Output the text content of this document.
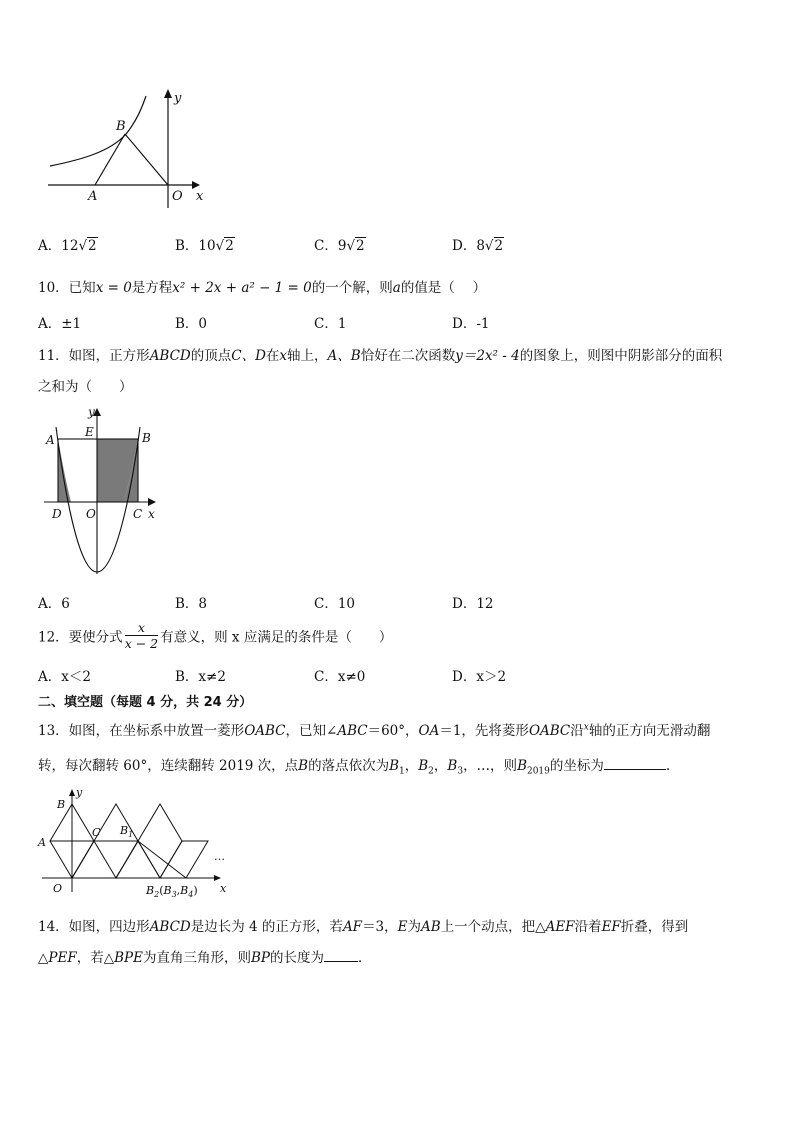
y
x
B
A	O
A．12√2	B．10√2	C．9√2	D．8√2
10．已知x = 0是方程x² + 2x + a² − 1 = 0的一个解，则a的值是（　 ）
A．±1	B．0	C．1	D．-1
11．如图，正方形ABCD的顶点C、D在x轴上，A、B恰好在二次函数y＝2x² - 4的图象上，则图中阴影部分的面积
之和为（　　）
y
A
E	B
D O	C x
A．6	B．8	C．10	D．12
12．要使分式 $\frac{x}{x - 2}$ 有意义，则 x 应满足的条件是（　　）
A．x＜2	B．x≠2	C．x≠0	D．x＞2
二、填空题（每题 4 分，共 24 分）
13．如图，在坐标系中放置一菱形OABC，已知∠ABC＝60°，OA＝1，先将菱形OABC沿$^x$轴的正方向无滑动翻
转，每次翻转 60°，连续翻转 2019 次，点B的落点依次为$B_1$，$B_2$，$B_3$，…，则$B_{2019}$的坐标为	.
y
B
A
C $B_1$
…
O	$B_2(B_3,B_4)$ x
14．如图，四边形ABCD是边长为 4 的正方形，若AF＝3，E为AB上一个动点，把△AEF沿着EF折叠，得到
△PEF，若△BPE为直角三角形，则BP的长度为	．
